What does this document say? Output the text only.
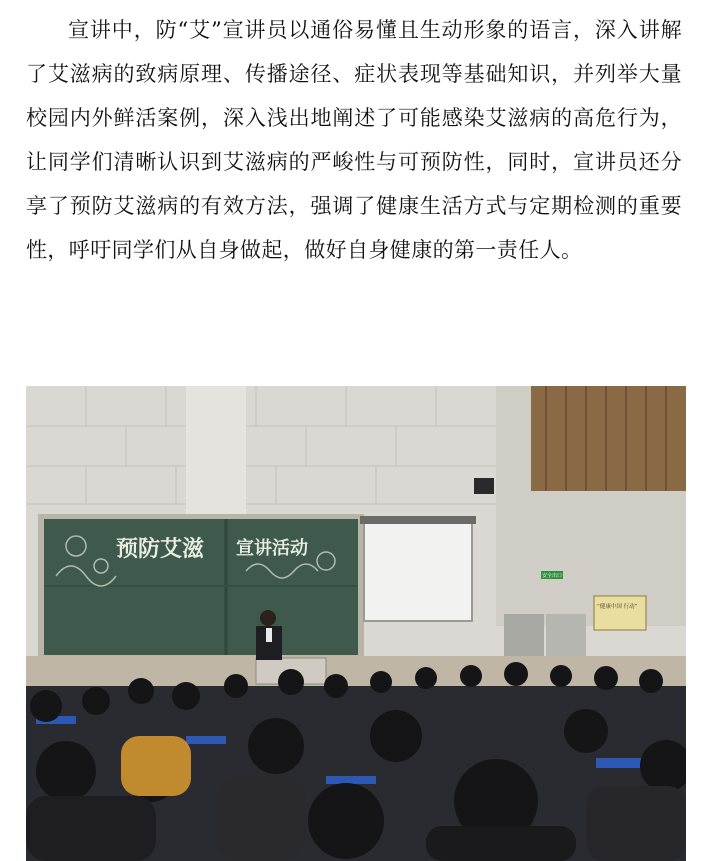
宣讲中，防“艾”宣讲员以通俗易懂且生动形象的语言，深入讲解了艾滋病的致病原理、传播途径、症状表现等基础知识，并列举大量校园内外鲜活案例，深入浅出地阐述了可能感染艾滋病的高危行为，让同学们清晰认识到艾滋病的严峻性与可预防性，同时，宣讲员还分享了预防艾滋病的有效方法，强调了健康生活方式与定期检测的重要性，呼吁同学们从自身做起，做好自身健康的第一责任人。

预防艾滋 宣讲活动
安全出口
“健康中国 行动”
